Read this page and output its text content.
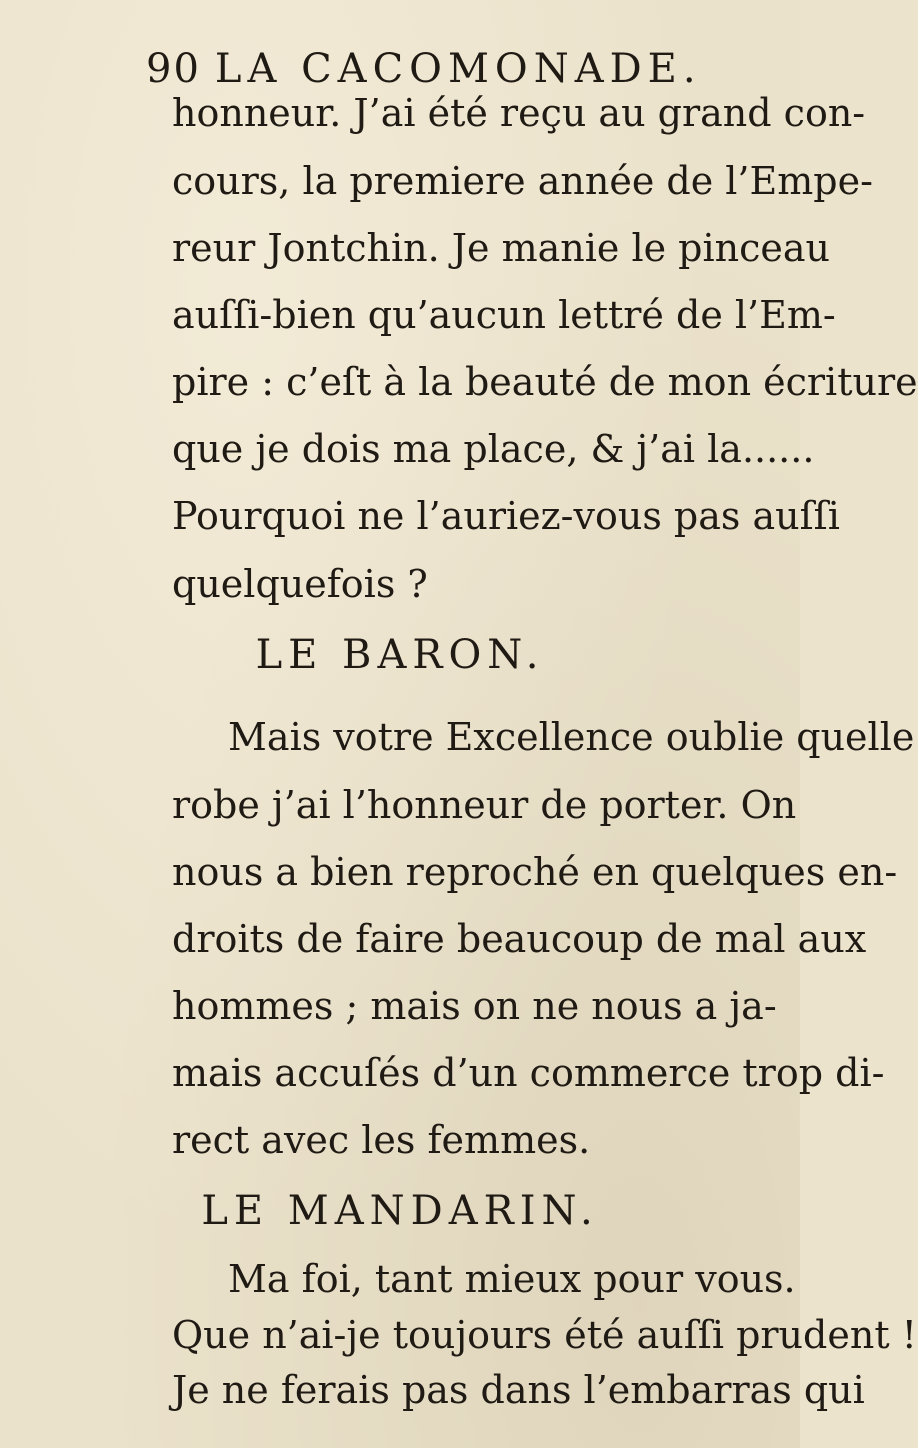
90 LA CACOMONADE.
honneur. J’ai été reçu au grand con-
cours, la premiere année de l’Empe-
reur Jontchin. Je manie le pinceau
auſſi-bien qu’aucun lettré de l’Em-
pire : c’eſt à la beauté de mon écriture
que je dois ma place, & j’ai la......
Pourquoi ne l’auriez-vous pas auſſi
quelquefois ?
LE BARON.
Mais votre Excellence oublie quelle
robe j’ai l’honneur de porter. On
nous a bien reproché en quelques en-
droits de faire beaucoup de mal aux
hommes ; mais on ne nous a ja-
mais accuſés d’un commerce trop di-
rect avec les femmes.
LE MANDARIN.
Ma foi, tant mieux pour vous.
Que n’ai-je toujours été auſſi prudent !
Je ne ferais pas dans l’embarras qui
